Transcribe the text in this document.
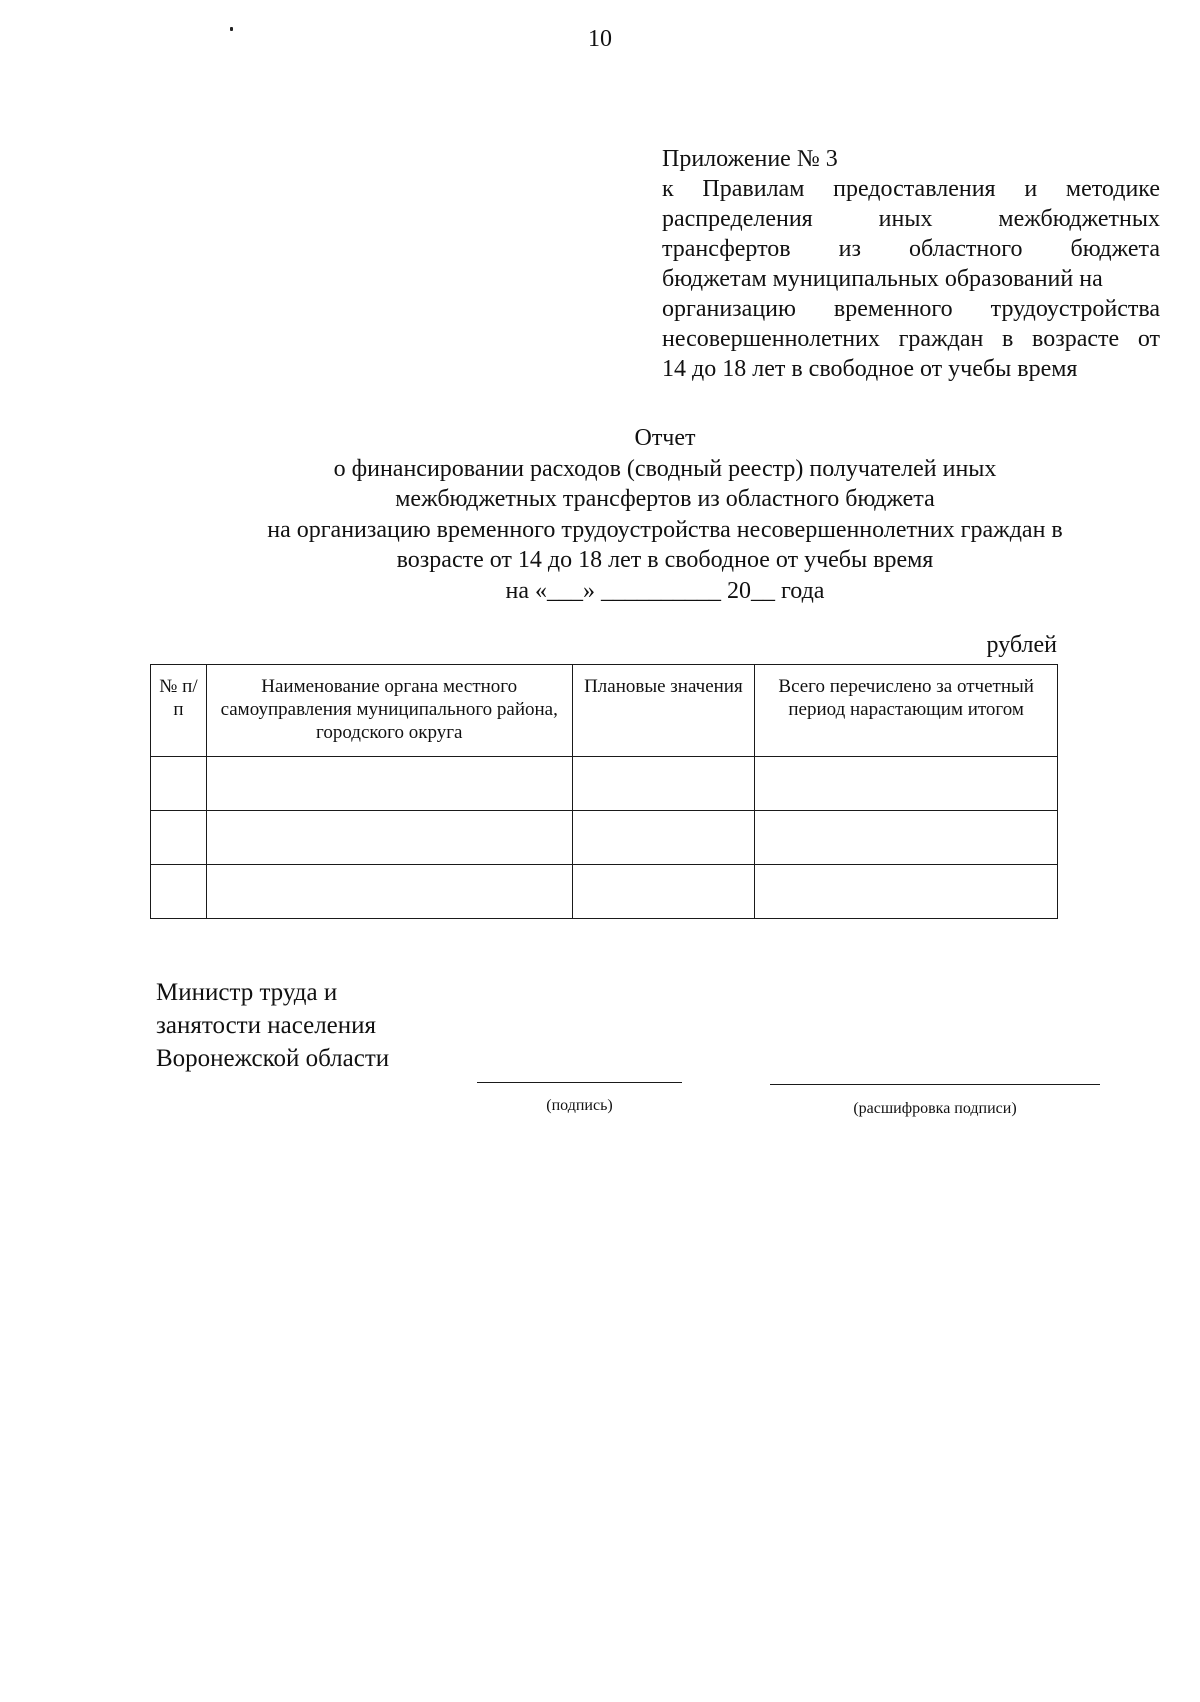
10
Приложение № 3
к Правилам предоставления и методике
распределения иных межбюджетных
трансфертов из областного бюджета
бюджетам муниципальных образований на
организацию временного трудоустройства
несовершеннолетних граждан в возрасте от
14 до 18 лет в свободное от учебы время
Отчет
о финансировании расходов (сводный реестр) получателей иных
межбюджетных трансфертов из областного бюджета
на организацию временного трудоустройства несовершеннолетних граждан в
возрасте от 14 до 18 лет в свободное от учебы время
на «___» __________ 20__ года
рублей
№ п/п	Наименование органа местного самоуправления муниципального района, городского округа	Плановые значения	Всего перечислено за отчетный период нарастающим итогом

Министр труда и
занятости населения
Воронежской области
(подпись)	(расшифровка подписи)
